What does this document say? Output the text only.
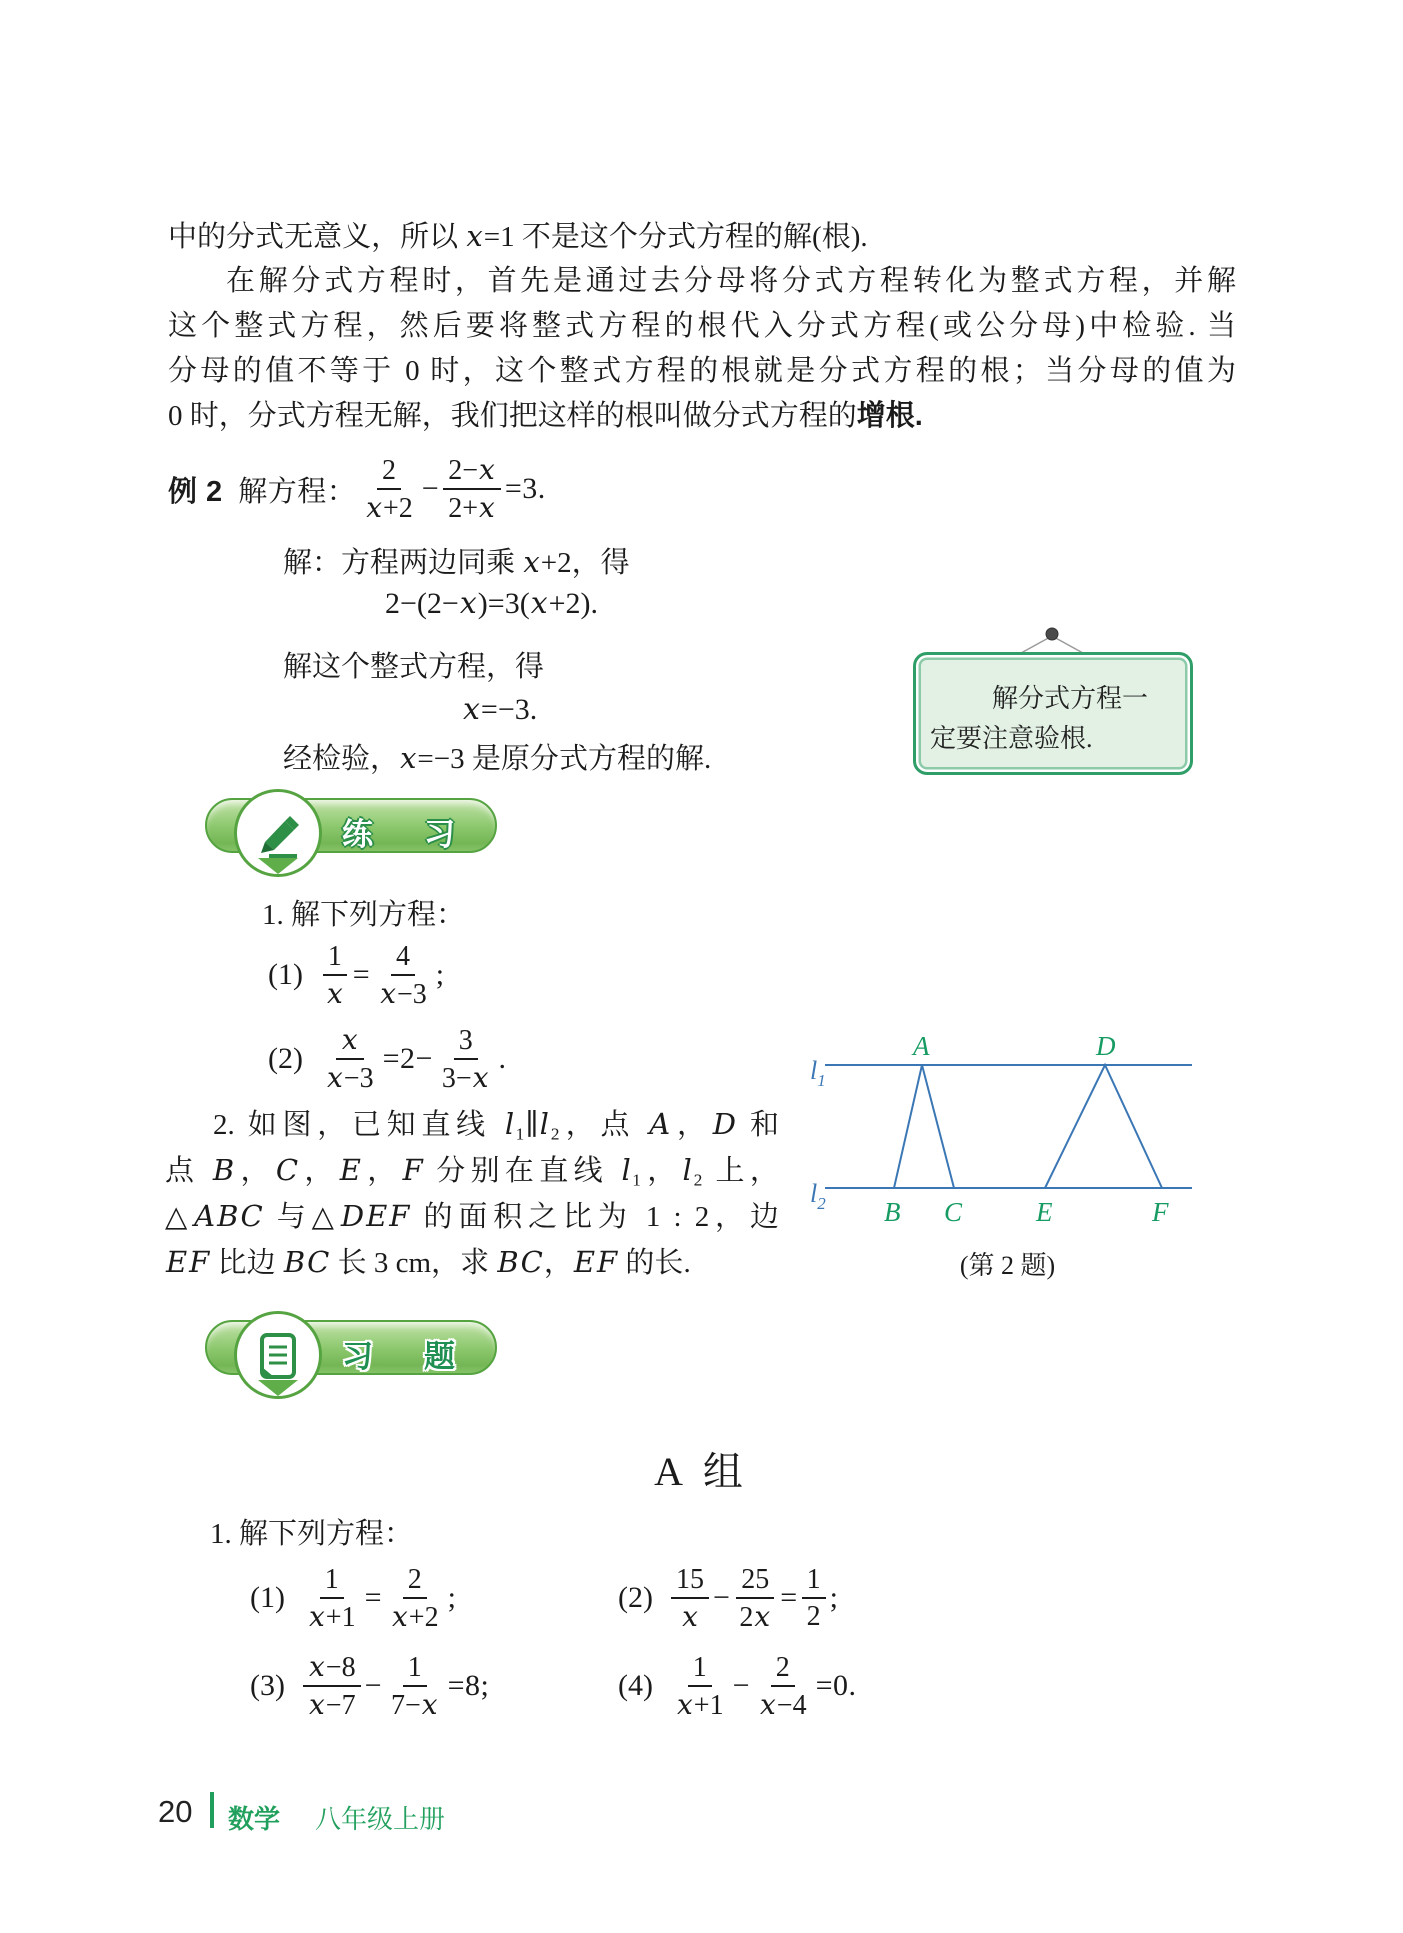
中的分式无意义，所以 x=1 不是这个分式方程的解(根).
在解分式方程时，首先是通过去分母将分式方程转化为整式方程，并解
这个整式方程，然后要将整式方程的根代入分式方程(或公分母)中检验. 当
分母的值不等于 0 时，这个整式方程的根就是分式方程的根；当分母的值为
0 时，分式方程无解，我们把这样的根叫做分式方程的增根.
例 2
解方程： $\frac{2}{x+2} - \frac{2-x}{2+x} =3$.
解：方程两边同乘 x+2，得
2−(2−x)=3(x+2).
解这个整式方程，得
x=−3.
经检验，x=−3 是原分式方程的解.
解分式方程一
定要注意验根.
练　习
1. 解下列方程：
$(1) \frac{1}{x} = \frac{4}{x-3}$ ;
$(2) \frac{x}{x-3} =2- \frac{3}{3-x}$ .
2. 如图，已知直线 l₁∥l₂，点 A，D 和
点 B，C，E，F 分别在直线 l₁，l₂ 上，
△ABC 与△DEF 的面积之比为 1 : 2，边
EF 比边 BC 长 3 cm，求 BC，EF 的长.
$l_1$
$l_2$
A	D
B C	E	F
(第 2 题)
习　题
A 组
1. 解下列方程：
$(1) \frac{1}{x+1} = \frac{2}{x+2}$ ;	$(2) \frac{15}{x} - \frac{25}{2x} = \frac{1}{2}$ ;
$(3) \frac{x-8}{x-7} - \frac{1}{7-x} =8$;	$(4) \frac{1}{x+1} - \frac{2}{x-4} =0$.
20 数学 八年级上册
